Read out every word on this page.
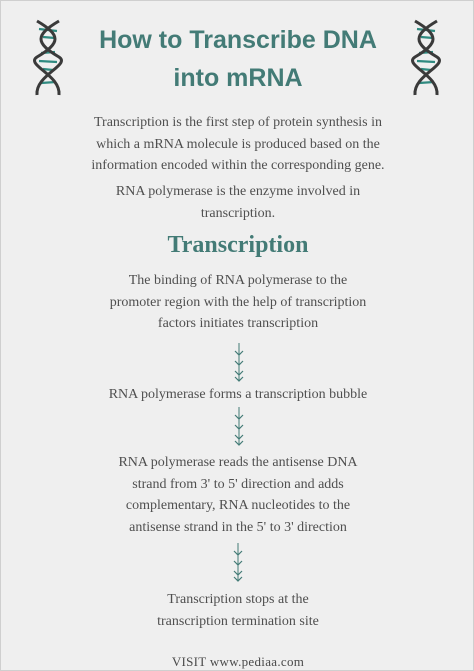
How to Transcribe DNA
into mRNA

Transcription is the first step of protein synthesis in
which a mRNA molecule is produced based on the
information encoded within the corresponding gene.

RNA polymerase is the enzyme involved in
transcription.

Transcription

The binding of RNA polymerase to the
promoter region with the help of transcription
factors initiates transcription

RNA polymerase forms a transcription bubble

RNA polymerase reads the antisense DNA
strand from 3' to 5' direction and adds
complementary, RNA nucleotides to the
antisense strand in the 5' to 3' direction

Transcription stops at the
transcription termination site

VISIT www.pediaa.com
